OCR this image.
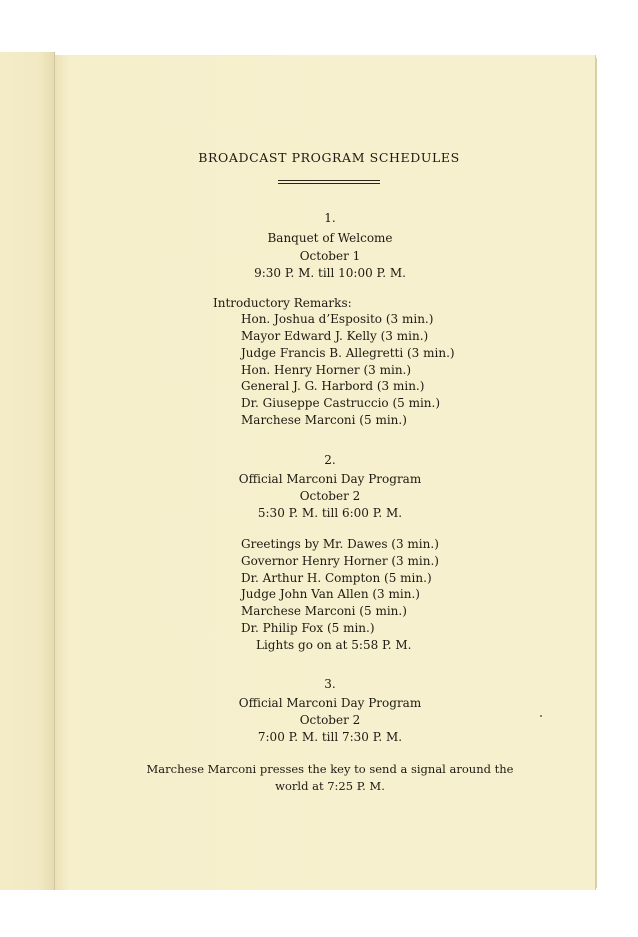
BROADCAST PROGRAM SCHEDULES
1.
Banquet of Welcome
October 1
9:30 P. M. till 10:00 P. M.
Introductory Remarks:
Hon. Joshua d’Esposito (3 min.)
Mayor Edward J. Kelly (3 min.)
Judge Francis B. Allegretti (3 min.)
Hon. Henry Horner (3 min.)
General J. G. Harbord (3 min.)
Dr. Giuseppe Castruccio (5 min.)
Marchese Marconi (5 min.)
2.
Official Marconi Day Program
October 2
5:30 P. M. till 6:00 P. M.
Greetings by Mr. Dawes (3 min.)
Governor Henry Horner (3 min.)
Dr. Arthur H. Compton (5 min.)
Judge John Van Allen (3 min.)
Marchese Marconi (5 min.)
Dr. Philip Fox (5 min.)
Lights go on at 5:58 P. M.
3.
Official Marconi Day Program
October 2
7:00 P. M. till 7:30 P. M.
Marchese Marconi presses the key to send a signal around the
world at 7:25 P. M.
